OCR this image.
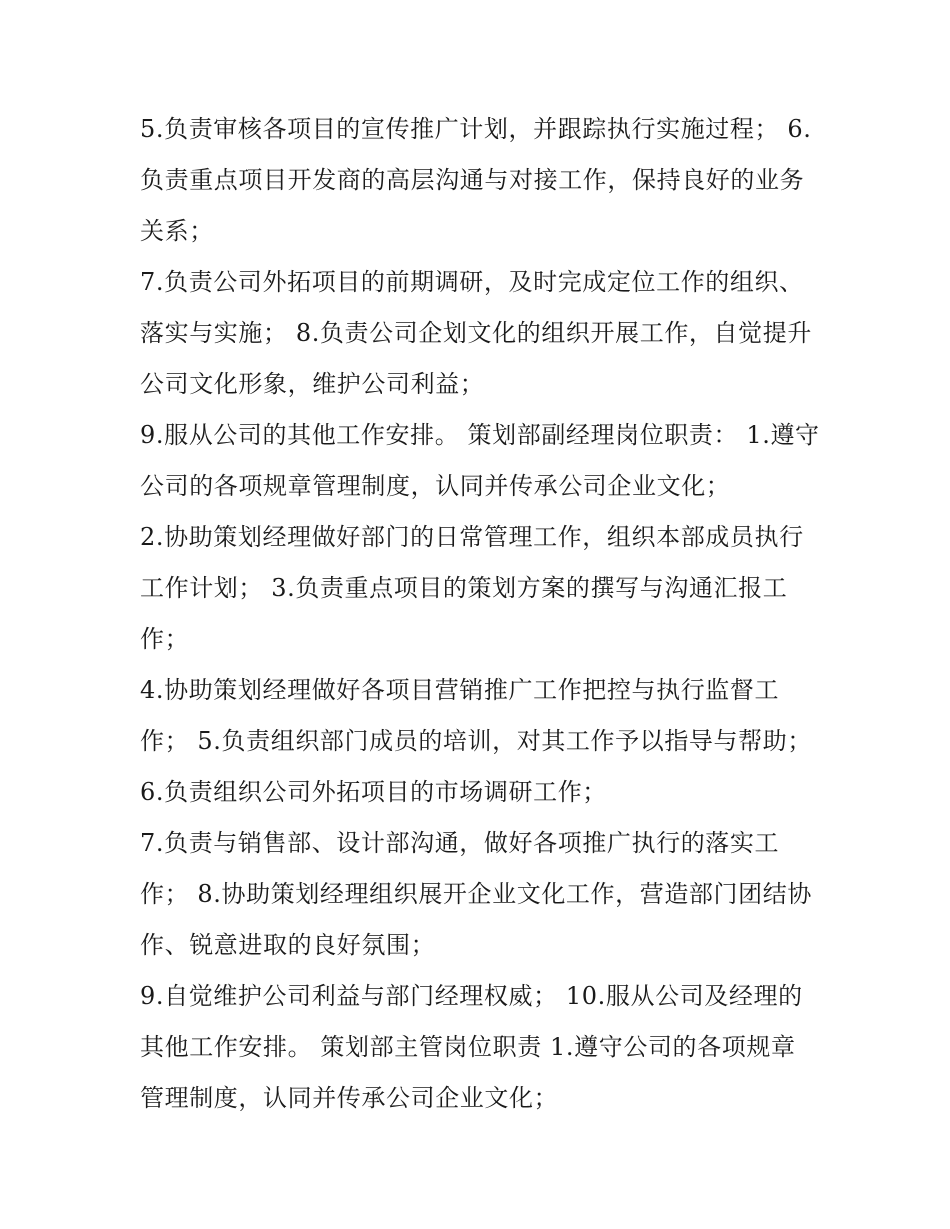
5.负责审核各项目的宣传推广计划，并跟踪执行实施过程； 6.
负责重点项目开发商的高层沟通与对接工作，保持良好的业务
关系；

7.负责公司外拓项目的前期调研，及时完成定位工作的组织、
落实与实施； 8.负责公司企划文化的组织开展工作，自觉提升
公司文化形象，维护公司利益；

9.服从公司的其他工作安排。 策划部副经理岗位职责： 1.遵守
公司的各项规章管理制度，认同并传承公司企业文化；

2.协助策划经理做好部门的日常管理工作，组织本部成员执行
工作计划； 3.负责重点项目的策划方案的撰写与沟通汇报工
作；

4.协助策划经理做好各项目营销推广工作把控与执行监督工
作； 5.负责组织部门成员的培训，对其工作予以指导与帮助；

6.负责组织公司外拓项目的市场调研工作；

7.负责与销售部、设计部沟通，做好各项推广执行的落实工
作； 8.协助策划经理组织展开企业文化工作，营造部门团结协
作、锐意进取的良好氛围；

9.自觉维护公司利益与部门经理权威； 10.服从公司及经理的
其他工作安排。 策划部主管岗位职责 1.遵守公司的各项规章
管理制度，认同并传承公司企业文化；
